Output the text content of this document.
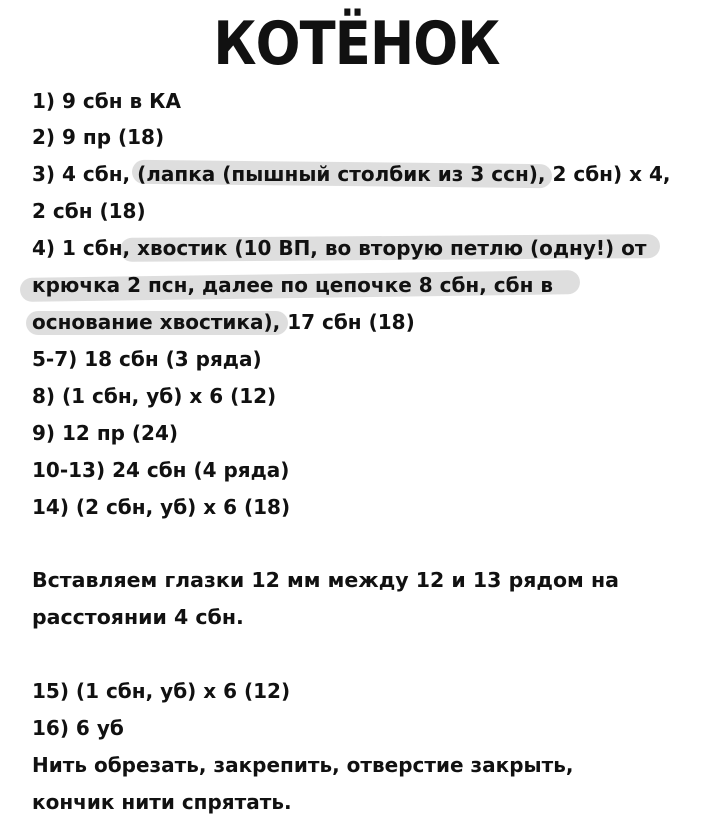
КОТЁНОК
1) 9 сбн в КА
2) 9 пр (18)
3) 4 сбн, (лапка (пышный столбик из 3 ссн), 2 сбн) x 4,
2 сбн (18)
4) 1 сбн, хвостик (10 ВП, во вторую петлю (одну!) от
крючка 2 псн, далее по цепочке 8 сбн, сбн в
основание хвостика), 17 сбн (18)
5-7) 18 сбн (3 ряда)
8) (1 сбн, уб) x 6 (12)
9) 12 пр (24)
10-13) 24 сбн (4 ряда)
14) (2 сбн, уб) x 6 (18)
Вставляем глазки 12 мм между 12 и 13 рядом на
расстоянии 4 сбн.
15) (1 сбн, уб) x 6 (12)
16) 6 уб
Нить обрезать, закрепить, отверстие закрыть,
кончик нити спрятать.
